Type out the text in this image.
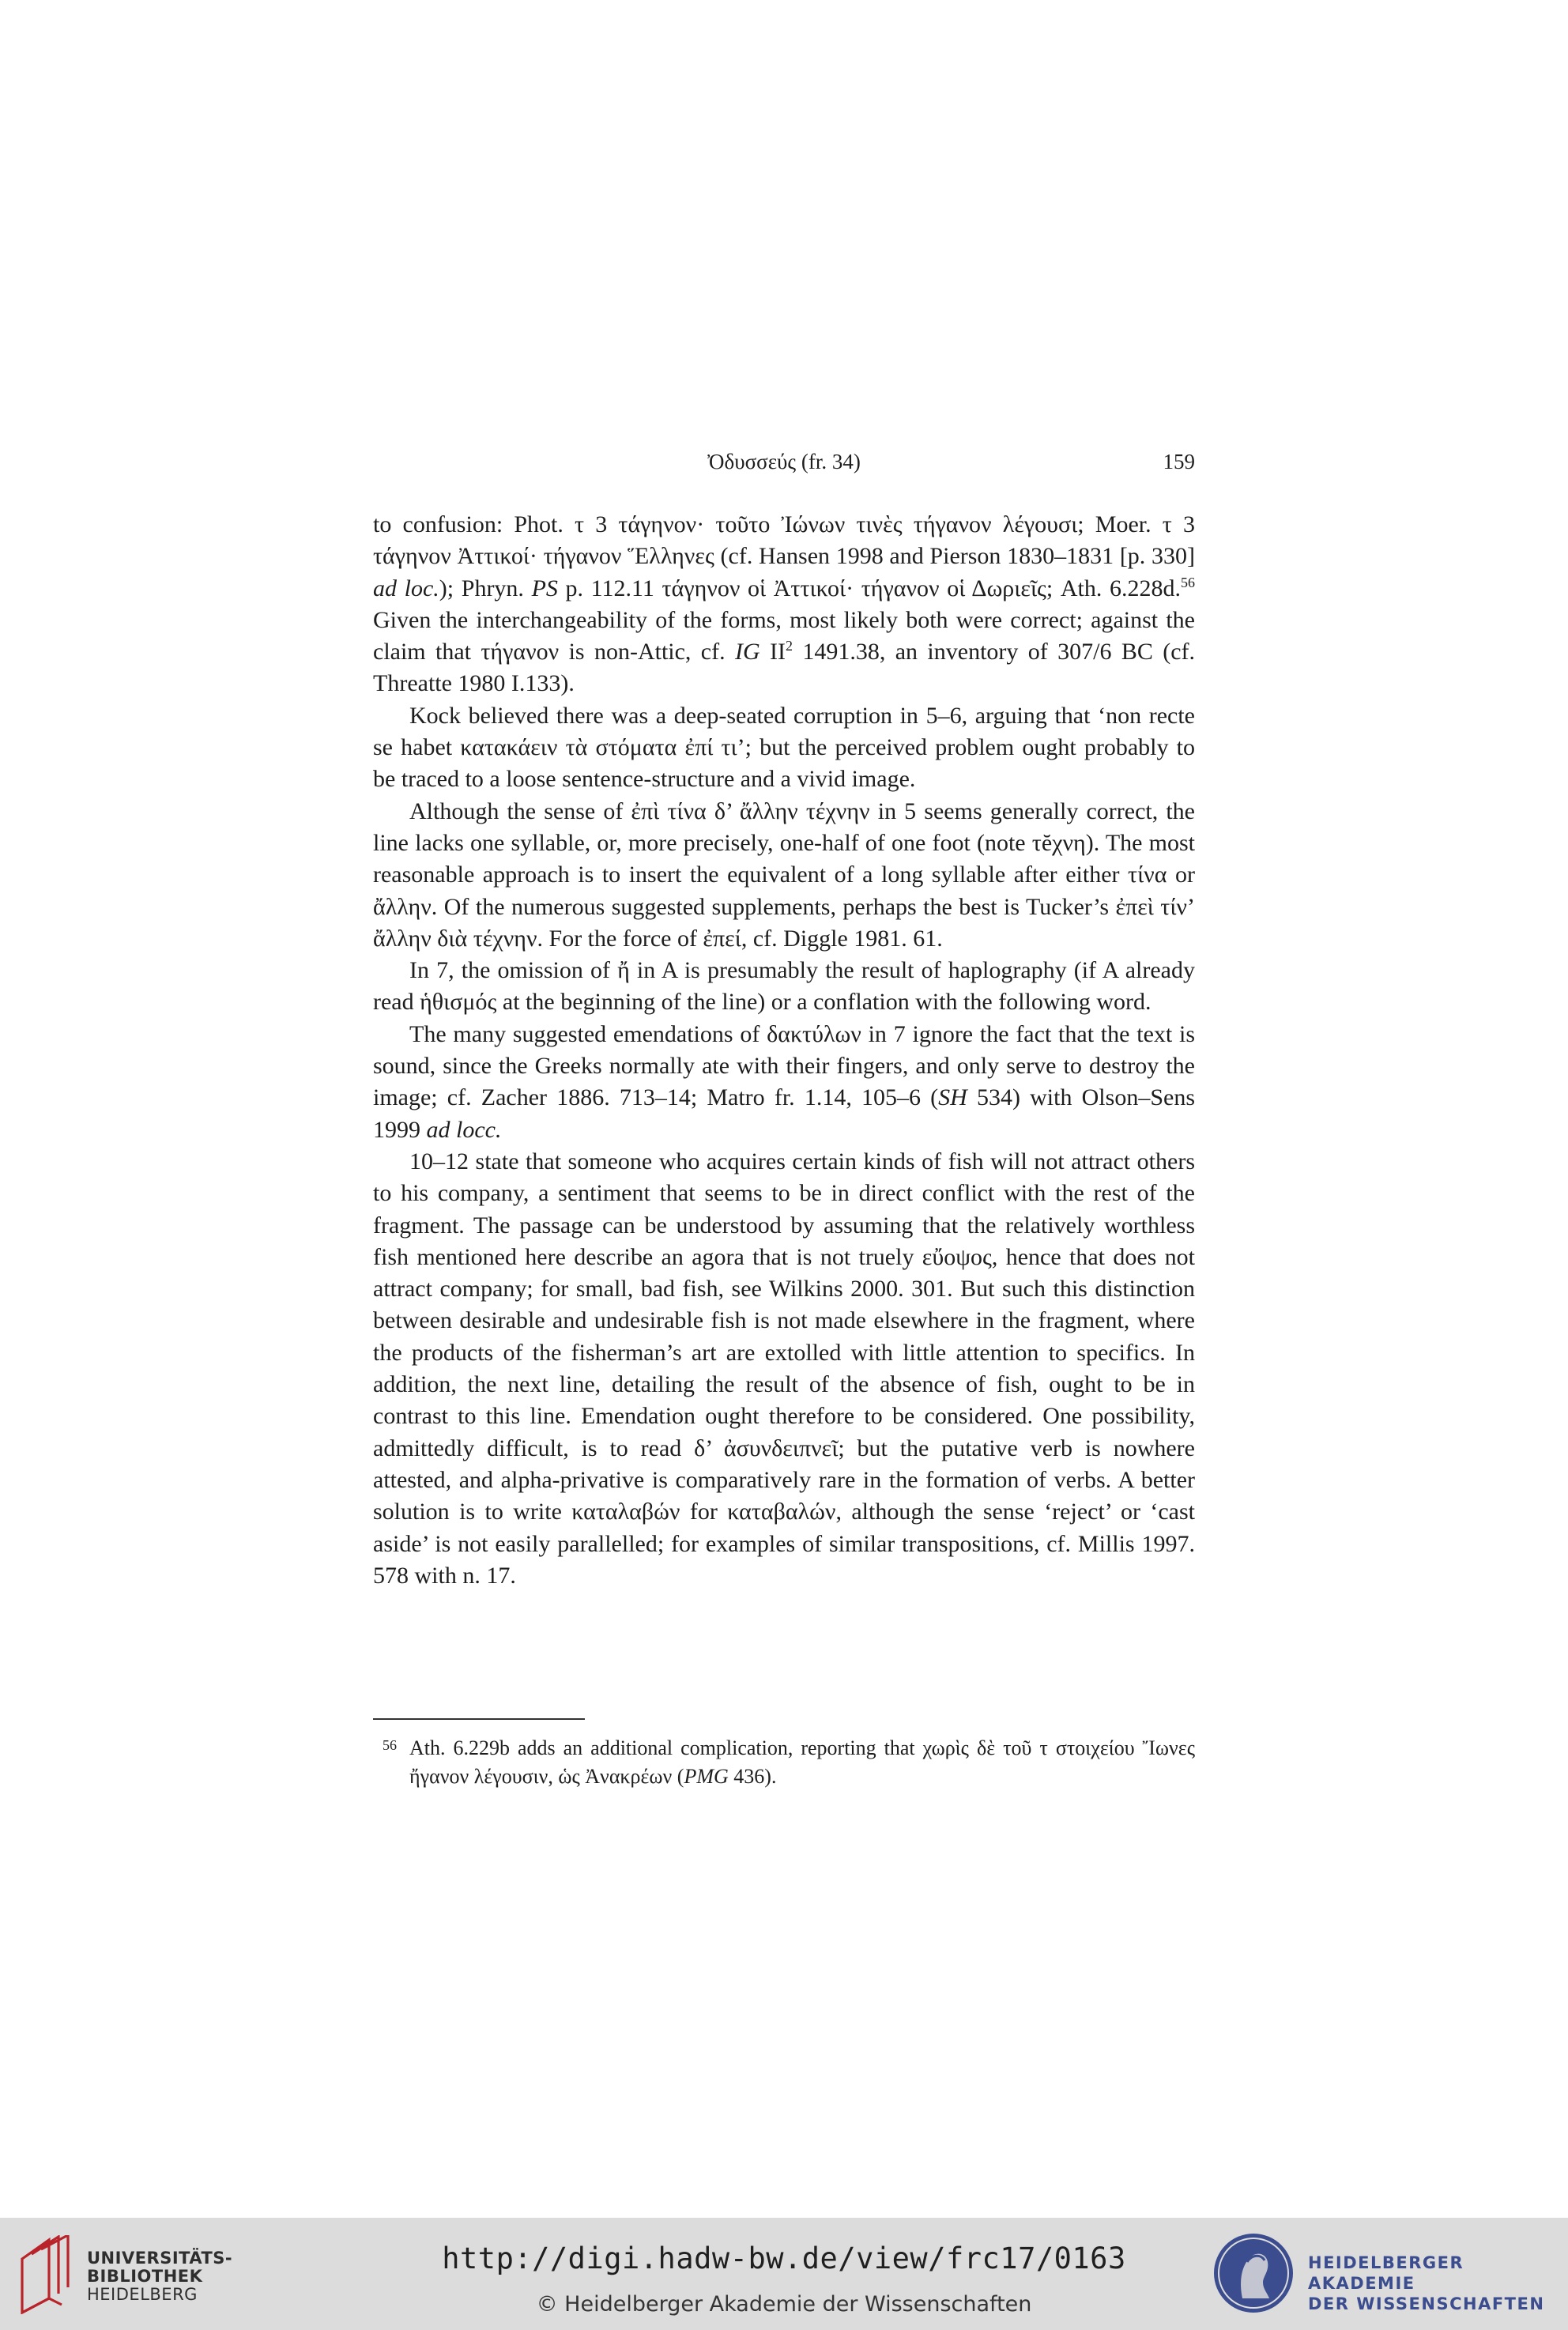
Ὀδυσσεύς (fr. 34)	159

to confusion: Phot. τ 3 τάγηνον· τοῦτο Ἰώνων τινὲς τήγανον λέγουσι; Moer. τ 3 τάγηνον Ἀττικοί· τήγανον Ἕλληνες (cf. Hansen 1998 and Pierson 1830–1831 [p. 330] ad loc.); Phryn. PS p. 112.11 τάγηνον οἱ Ἀττικοί· τήγανον οἱ Δωριεῖς; Ath. 6.228d.$^{56}$ Given the interchangeability of the forms, most likely both were correct; against the claim that τήγανον is non-Attic, cf. IG II$^2$ 1491.38, an inventory of 307/6 BC (cf. Threatte 1980 I.133).

Kock believed there was a deep-seated corruption in 5–6, arguing that ‘non recte se habet κατακάειν τὰ στόματα ἐπί τι’; but the perceived problem ought probably to be traced to a loose sentence-structure and a vivid image.

Although the sense of ἐπὶ τίνα δ’ ἄλλην τέχνην in 5 seems generally correct, the line lacks one syllable, or, more precisely, one-half of one foot (note τĕχνη). The most reasonable approach is to insert the equivalent of a long syllable after either τίνα or ἄλλην. Of the numerous suggested supplements, perhaps the best is Tucker’s ἐπεὶ τίν’ ἄλλην διὰ τέχνην. For the force of ἐπεί, cf. Diggle 1981. 61.

In 7, the omission of ἤ in A is presumably the result of haplography (if A already read ἡθισμός at the beginning of the line) or a conflation with the following word.

The many suggested emendations of δακτύλων in 7 ignore the fact that the text is sound, since the Greeks normally ate with their fingers, and only serve to destroy the image; cf. Zacher 1886. 713–14; Matro fr. 1.14, 105–6 (SH 534) with Olson–Sens 1999 ad locc.

10–12 state that someone who acquires certain kinds of fish will not attract others to his company, a sentiment that seems to be in direct conflict with the rest of the fragment. The passage can be understood by assuming that the relatively worthless fish mentioned here describe an agora that is not truely εὔοψος, hence that does not attract company; for small, bad fish, see Wilkins 2000. 301. But such this distinction between desirable and undesirable fish is not made elsewhere in the fragment, where the products of the fisherman’s art are extolled with little attention to specifics. In addition, the next line, detailing the result of the absence of fish, ought to be in contrast to this line. Emendation ought therefore to be considered. One possibility, admittedly difficult, is to read δ’ ἀσυνδειπνεῖ; but the putative verb is nowhere attested, and alpha-privative is comparatively rare in the formation of verbs. A better solution is to write καταλαβών for καταβαλών, although the sense ‘reject’ or ‘cast aside’ is not easily parallelled; for examples of similar transpositions, cf. Millis 1997. 578 with n. 17.

56 Ath. 6.229b adds an additional complication, reporting that χωρὶς δὲ τοῦ τ στοιχείου Ἴωνες ἤγανον λέγουσιν, ὡς Ἀνακρέων (PMG 436).
UNIVERSITÄTS-
BIBLIOTHEK
HEIDELBERG
http://digi.hadw-bw.de/view/frc17/0163
© Heidelberger Akademie der Wissenschaften
HEIDELBERGER AKADEMIE
DER WISSENSCHAFTEN
